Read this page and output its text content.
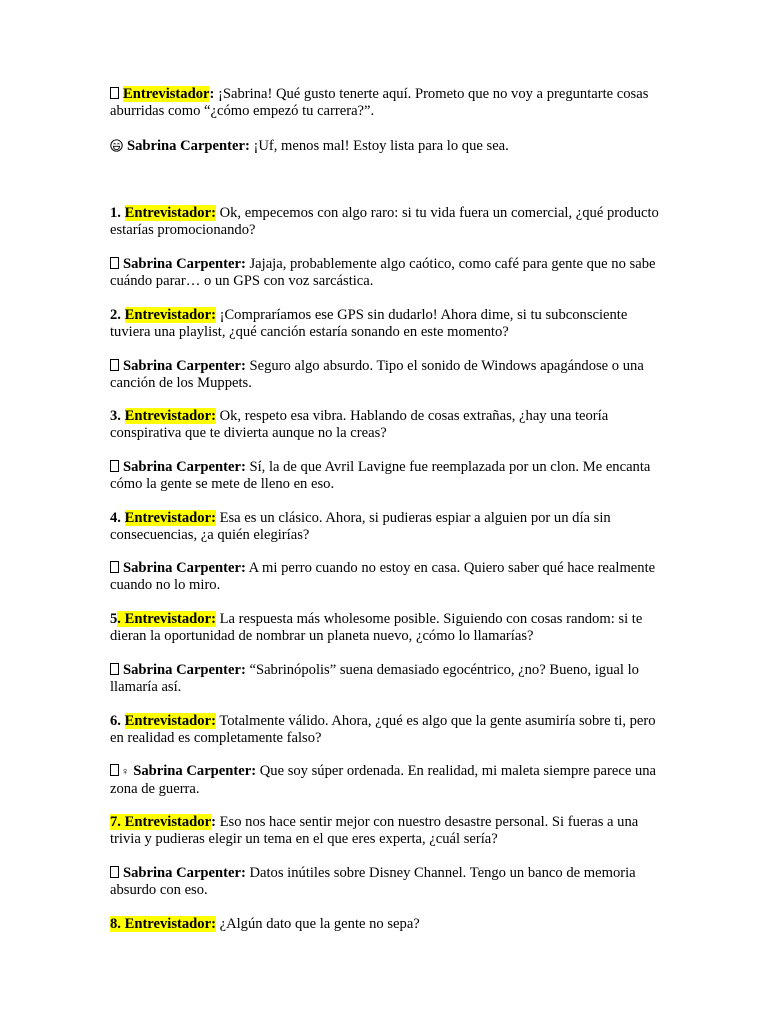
Entrevistador: ¡Sabrina! Qué gusto tenerte aquí. Prometo que no voy a preguntarte cosas aburridas como “¿cómo empezó tu carrera?”.

Sabrina Carpenter: ¡Uf, menos mal! Estoy lista para lo que sea.

1. Entrevistador: Ok, empecemos con algo raro: si tu vida fuera un comercial, ¿qué producto estarías promocionando?

Sabrina Carpenter: Jajaja, probablemente algo caótico, como café para gente que no sabe cuándo parar… o un GPS con voz sarcástica.

2. Entrevistador: ¡Compraríamos ese GPS sin dudarlo! Ahora dime, si tu subconsciente tuviera una playlist, ¿qué canción estaría sonando en este momento?

Sabrina Carpenter: Seguro algo absurdo. Tipo el sonido de Windows apagándose o una canción de los Muppets.

3. Entrevistador: Ok, respeto esa vibra. Hablando de cosas extrañas, ¿hay una teoría conspirativa que te divierta aunque no la creas?

Sabrina Carpenter: Sí, la de que Avril Lavigne fue reemplazada por un clon. Me encanta cómo la gente se mete de lleno en eso.

4. Entrevistador: Esa es un clásico. Ahora, si pudieras espiar a alguien por un día sin consecuencias, ¿a quién elegirías?

Sabrina Carpenter: A mi perro cuando no estoy en casa. Quiero saber qué hace realmente cuando no lo miro.

5. Entrevistador: La respuesta más wholesome posible. Siguiendo con cosas random: si te dieran la oportunidad de nombrar un planeta nuevo, ¿cómo lo llamarías?

Sabrina Carpenter: “Sabrinópolis” suena demasiado egocéntrico, ¿no? Bueno, igual lo llamaría así.

6. Entrevistador: Totalmente válido. Ahora, ¿qué es algo que la gente asumiría sobre ti, pero en realidad es completamente falso?

♀ Sabrina Carpenter: Que soy súper ordenada. En realidad, mi maleta siempre parece una zona de guerra.

7. Entrevistador: Eso nos hace sentir mejor con nuestro desastre personal. Si fueras a una trivia y pudieras elegir un tema en el que eres experta, ¿cuál sería?

Sabrina Carpenter: Datos inútiles sobre Disney Channel. Tengo un banco de memoria absurdo con eso.

8. Entrevistador: ¿Algún dato que la gente no sepa?
